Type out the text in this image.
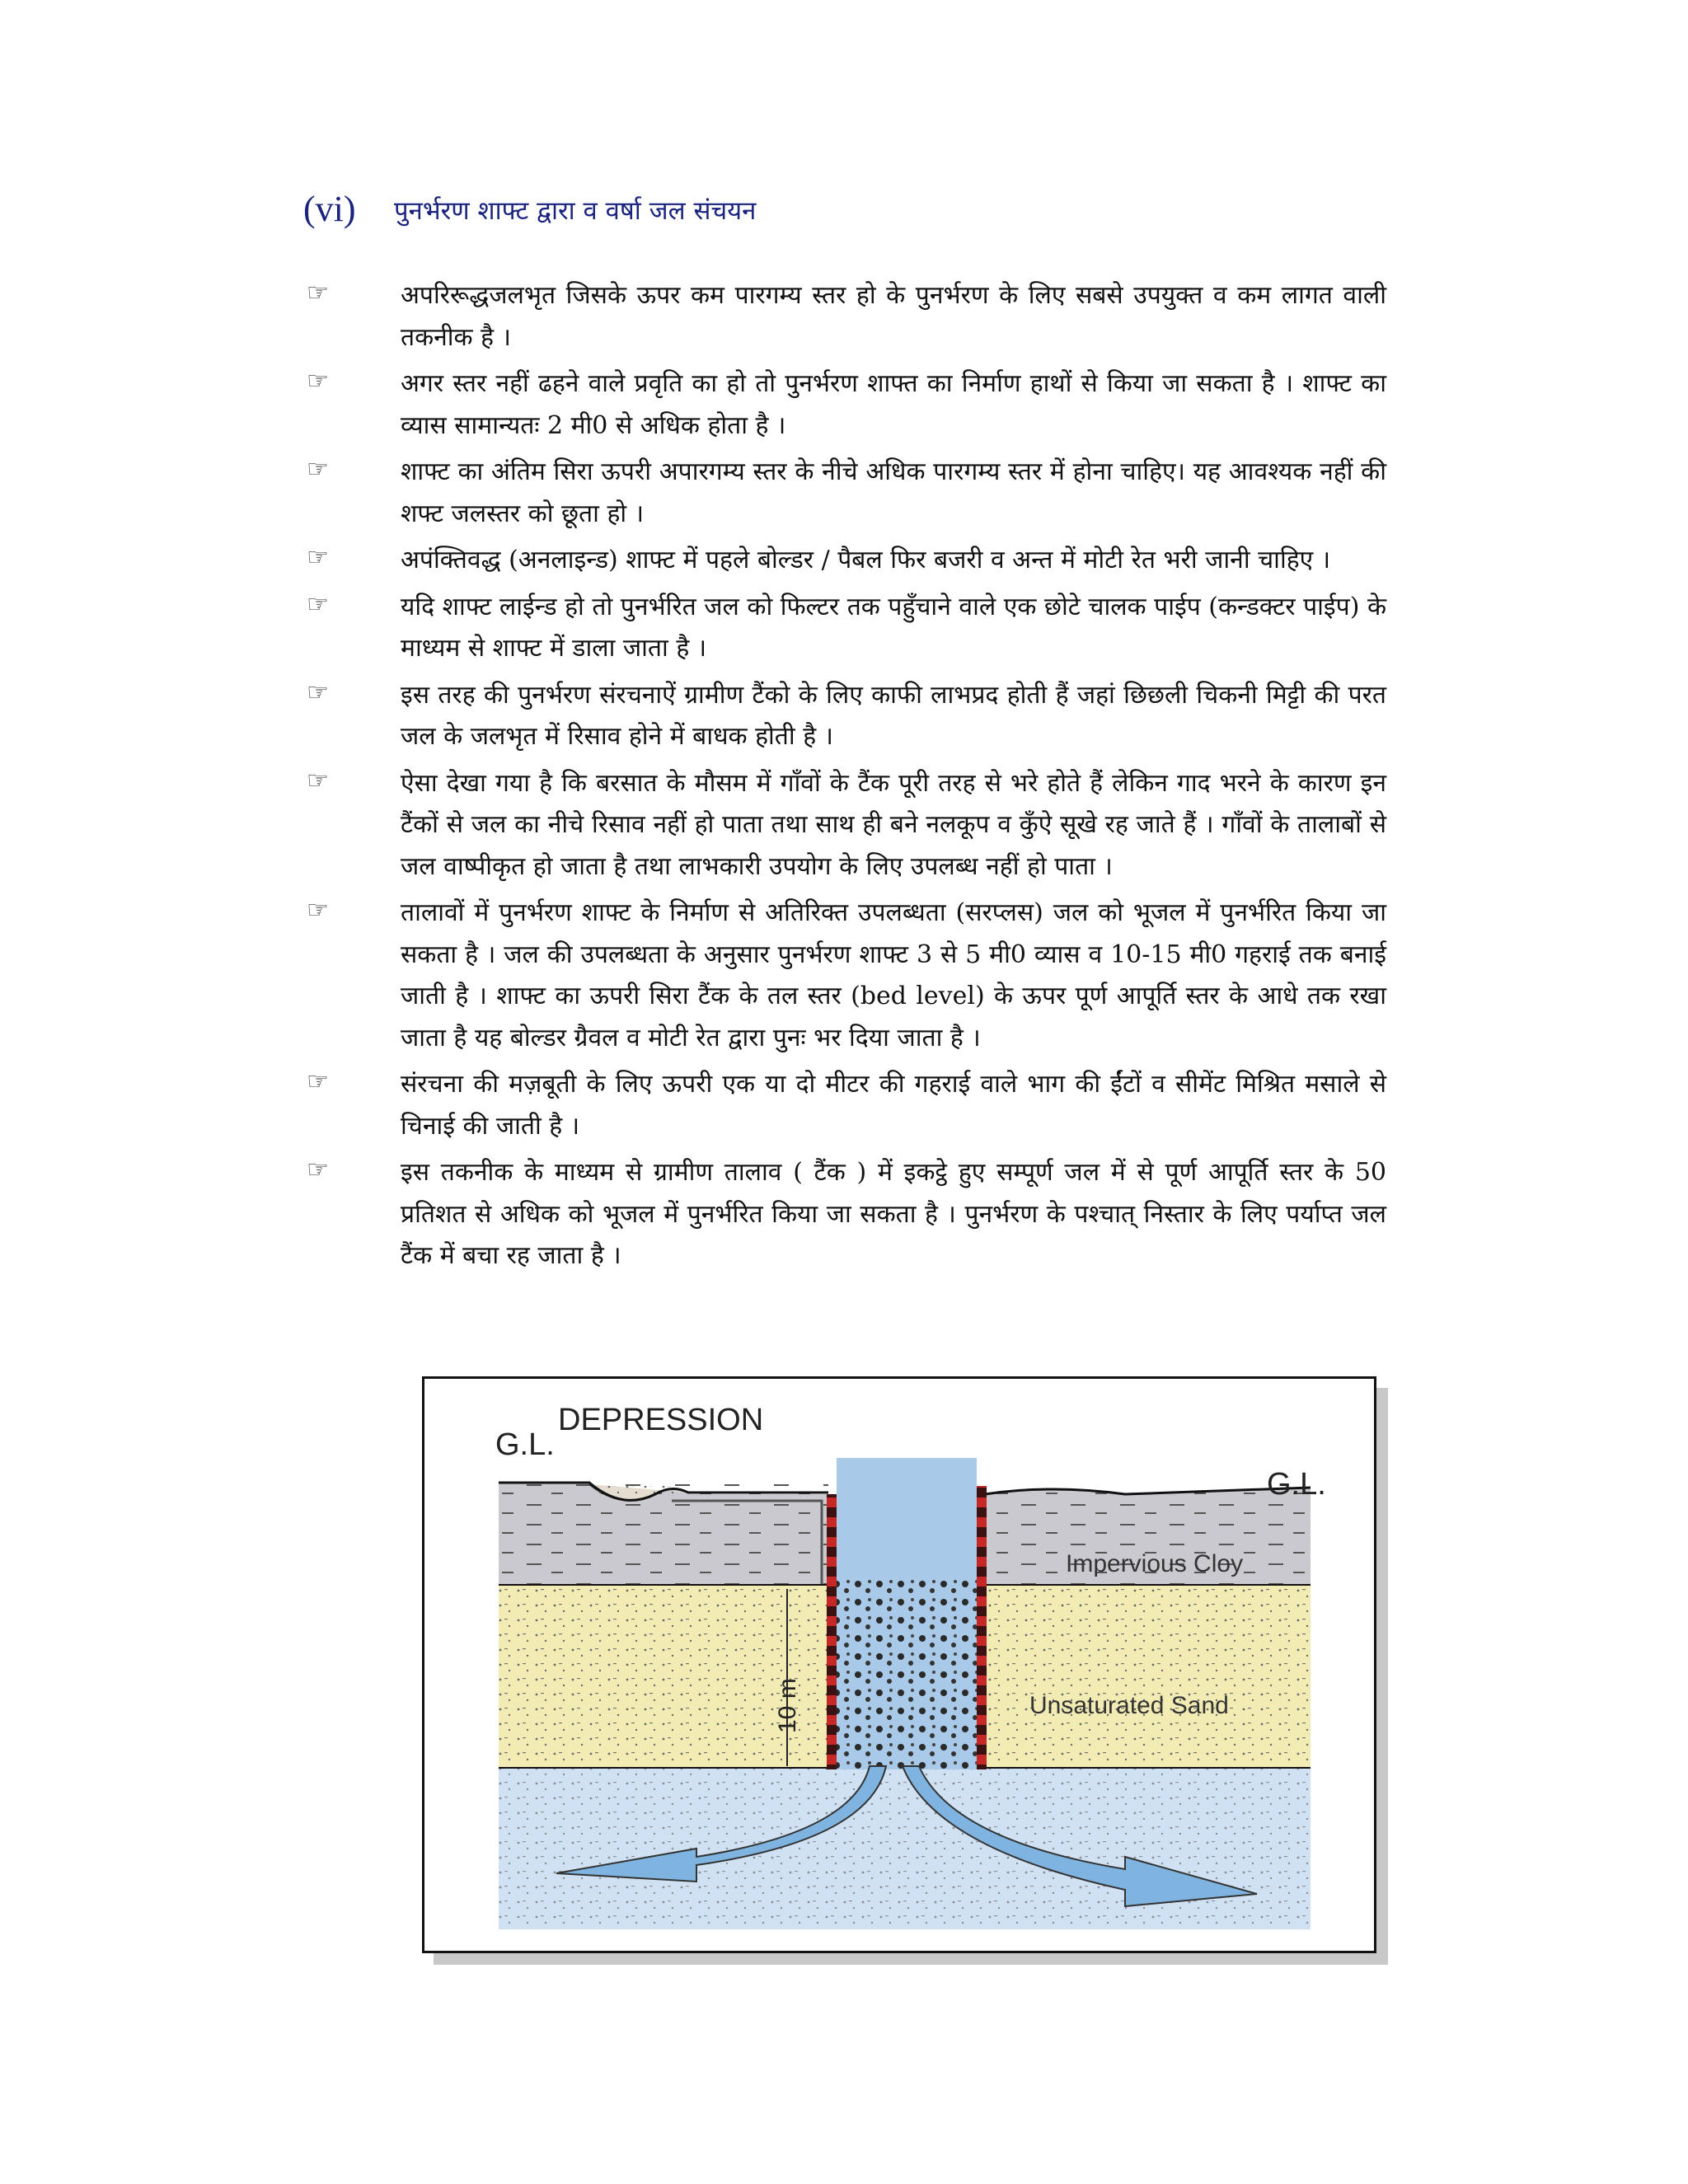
(vi) पुनर्भरण शाफ्ट द्वारा व वर्षा जल संचयन
☞	अपरिरूद्धजलभृत जिसके ऊपर कम पारगम्य स्तर हो के पुनर्भरण के लिए सबसे उपयुक्त व कम लागत वाली तकनीक है ।
☞	अगर स्तर नहीं ढहने वाले प्रवृति का हो तो पुनर्भरण शाफ्त का निर्माण हाथों से किया जा सकता है । शाफ्ट का व्यास सामान्यतः 2 मी0 से अधिक होता है ।
☞	शाफ्ट का अंतिम सिरा ऊपरी अपारगम्य स्तर के नीचे अधिक पारगम्य स्तर में होना चाहिए। यह आवश्यक नहीं की शफ्ट जलस्तर को छूता हो ।
☞	अपंक्तिवद्ध (अनलाइन्ड) शाफ्ट में पहले बोल्डर / पैबल फिर बजरी व अन्त में मोटी रेत भरी जानी चाहिए ।
☞	यदि शाफ्ट लाईन्ड हो तो पुनर्भरित जल को फिल्टर तक पहुँचाने वाले एक छोटे चालक पाईप (कन्डक्टर पाईप) के माध्यम से शाफ्ट में डाला जाता है ।
☞	इस तरह की पुनर्भरण संरचनाऐं ग्रामीण टैंको के लिए काफी लाभप्रद होती हैं जहां छिछली चिकनी मिट्टी की परत जल के जलभृत में रिसाव होने में बाधक होती है ।
☞	ऐसा देखा गया है कि बरसात के मौसम में गाँवों के टैंक पूरी तरह से भरे होते हैं लेकिन गाद भरने के कारण इन टैंकों से जल का नीचे रिसाव नहीं हो पाता तथा साथ ही बने नलकूप व कुँऐ सूखे रह जाते हैं । गाँवों के तालाबों से जल वाष्पीकृत हो जाता है तथा लाभकारी उपयोग के लिए उपलब्ध नहीं हो पाता ।
☞	तालावों में पुनर्भरण शाफ्ट के निर्माण से अतिरिक्त उपलब्धता (सरप्लस) जल को भूजल में पुनर्भरित किया जा सकता है । जल की उपलब्धता के अनुसार पुनर्भरण शाफ्ट 3 से 5 मी0 व्यास व 10-15 मी0 गहराई तक बनाई जाती है । शाफ्ट का ऊपरी सिरा टैंक के तल स्तर (bed level) के ऊपर पूर्ण आपूर्ति स्तर के आधे तक रखा जाता है यह बोल्डर ग्रैवल व मोटी रेत द्वारा पुनः भर दिया जाता है ।
☞	संरचना की मज़बूती के लिए ऊपरी एक या दो मीटर की गहराई वाले भाग की ईंटों व सीमेंट मिश्रित मसाले से चिनाई की जाती है ।
☞	इस तकनीक के माध्यम से ग्रामीण तालाव ( टैंक ) में इकट्ठे हुए सम्पूर्ण जल में से पूर्ण आपूर्ति स्तर के 50 प्रतिशत से अधिक को भूजल में पुनर्भरित किया जा सकता है । पुनर्भरण के पश्चात् निस्तार के लिए पर्याप्त जल टैंक में बचा रह जाता है ।
G.L.
DEPRESSION
G.L.
Impervious Cloy
Unsaturated Sand
10 m
